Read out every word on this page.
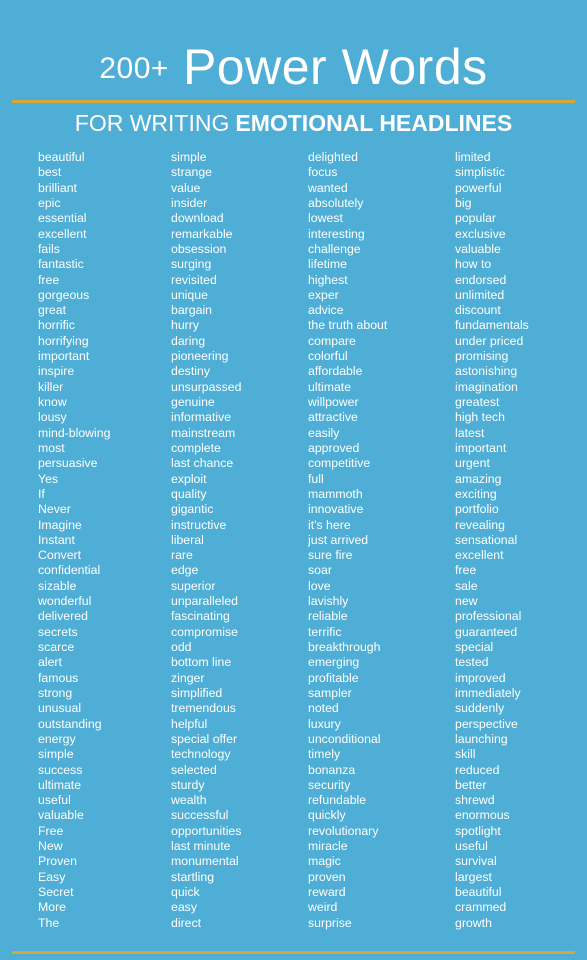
200+ Power Words
FOR WRITING EMOTIONAL HEADLINES
beautiful
best
brilliant
epic
essential
excellent
fails
fantastic
free
gorgeous
great
horrific
horrifying
important
inspire
killer
know
lousy
mind-blowing
most
persuasive
Yes
If
Never
Imagine
Instant
Convert
confidential
sizable
wonderful
delivered
secrets
scarce
alert
famous
strong
unusual
outstanding
energy
simple
success
ultimate
useful
valuable
Free
New
Proven
Easy
Secret
More
The
simple
strange
value
insider
download
remarkable
obsession
surging
revisited
unique
bargain
hurry
daring
pioneering
destiny
unsurpassed
genuine
informative
mainstream
complete
last chance
exploit
quality
gigantic
instructive
liberal
rare
edge
superior
unparalleled
fascinating
compromise
odd
bottom line
zinger
simplified
tremendous
helpful
special offer
technology
selected
sturdy
wealth
successful
opportunities
last minute
monumental
startling
quick
easy
direct
delighted
focus
wanted
absolutely
lowest
interesting
challenge
lifetime
highest
exper
advice
the truth about
compare
colorful
affordable
ultimate
willpower
attractive
easily
approved
competitive
full
mammoth
innovative
it's here
just arrived
sure fire
soar
love
lavishly
reliable
terrific
breakthrough
emerging
profitable
sampler
noted
luxury
unconditional
timely
bonanza
security
refundable
quickly
revolutionary
miracle
magic
proven
reward
weird
surprise
limited
simplistic
powerful
big
popular
exclusive
valuable
how to
endorsed
unlimited
discount
fundamentals
under priced
promising
astonishing
imagination
greatest
high tech
latest
important
urgent
amazing
exciting
portfolio
revealing
sensational
excellent
free
sale
new
professional
guaranteed
special
tested
improved
immediately
suddenly
perspective
launching
skill
reduced
better
shrewd
enormous
spotlight
useful
survival
largest
beautiful
crammed
growth
